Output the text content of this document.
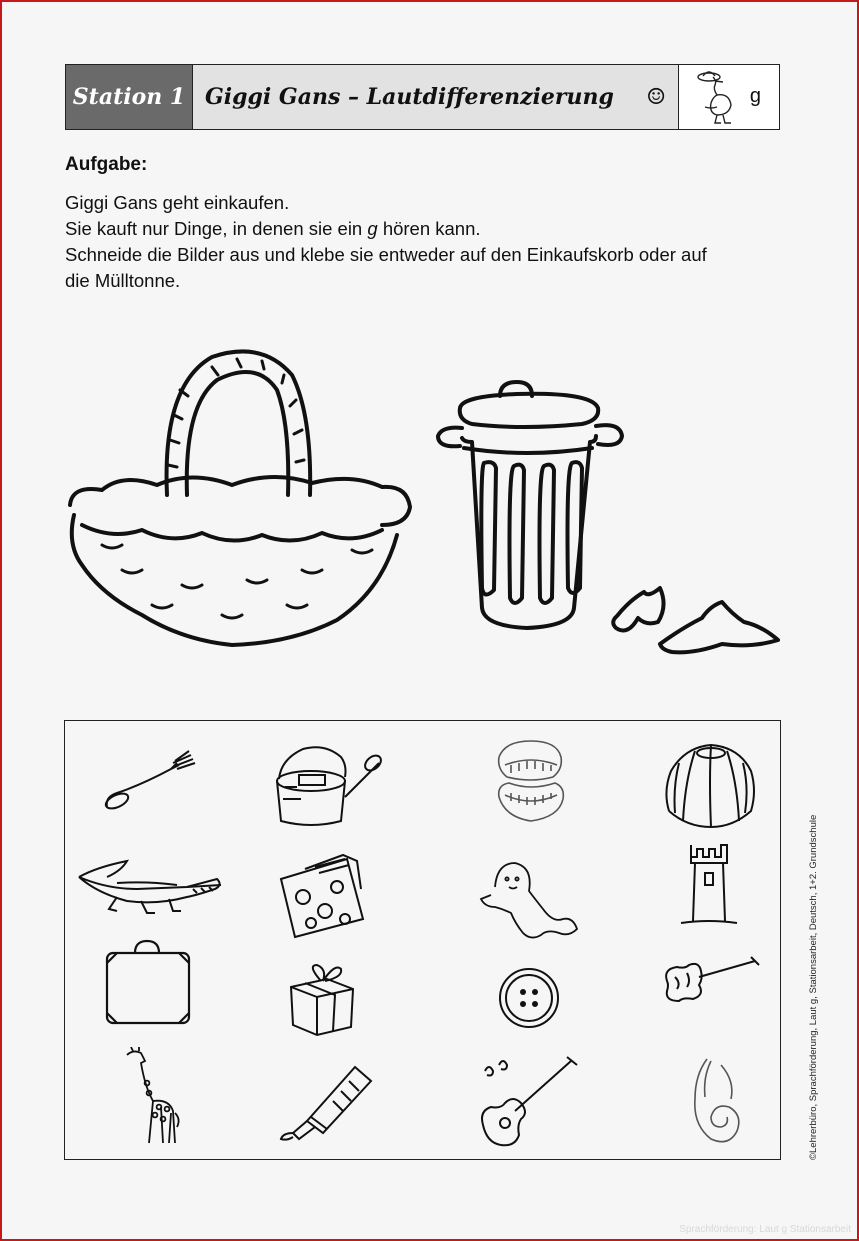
Station 1 Giggi Gans – Lautdifferenzierung ☺	g
Aufgabe:
Giggi Gans geht einkaufen.
Sie kauft nur Dinge, in denen sie ein g hören kann.
Schneide die Bilder aus und klebe sie entweder auf den Einkaufskorb oder auf
die Mülltonne.
©Lehrerbüro, Sprachförderung, Laut g, Stationsarbeit, Deutsch, 1+2. Grundschule
Sprachförderung: Laut g Stationsarbeit
